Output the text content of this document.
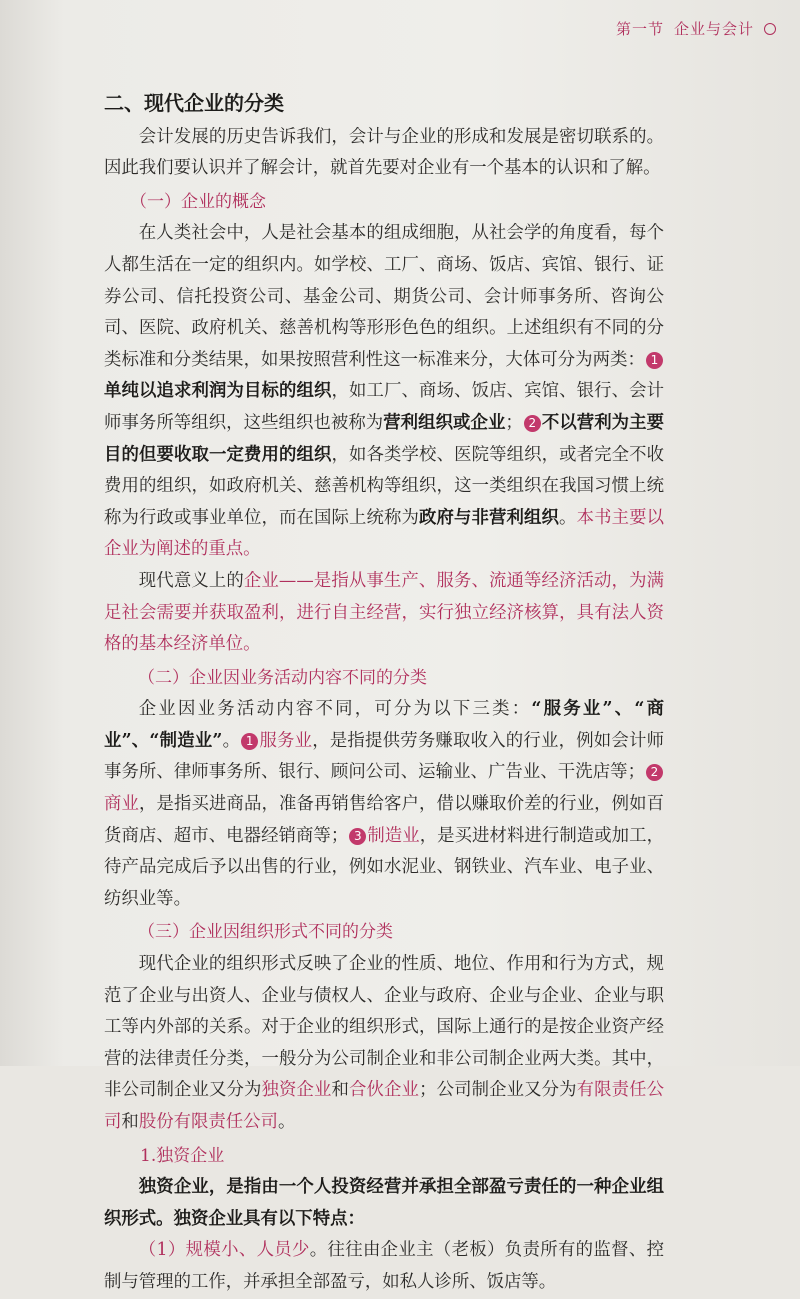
第一节 企业与会计
二、现代企业的分类

会计发展的历史告诉我们，会计与企业的形成和发展是密切联系的。因此我们要认识并了解会计，就首先要对企业有一个基本的认识和了解。

（一）企业的概念

在人类社会中，人是社会基本的组成细胞，从社会学的角度看，每个人都生活在一定的组织内。如学校、工厂、商场、饭店、宾馆、银行、证券公司、信托投资公司、基金公司、期货公司、会计师事务所、咨询公司、医院、政府机关、慈善机构等形形色色的组织。上述组织有不同的分类标准和分类结果，如果按照营利性这一标准来分，大体可分为两类： 1单纯以追求利润为目标的组织，如工厂、商场、饭店、宾馆、银行、会计师事务所等组织，这些组织也被称为营利组织或企业； 2 不以营利为主要目的但要收取一定费用的组织，如各类学校、医院等组织，或者完全不收费用的组织，如政府机关、慈善机构等组织，这一类组织在我国习惯上统称为行政或事业单位，而在国际上统称为政府与非营利组织。本书主要以企业为阐述的重点。

现代意义上的企业——是指从事生产、服务、流通等经济活动，为满足社会需要并获取盈利，进行自主经营，实行独立经济核算，具有法人资格的基本经济单位。

（二）企业因业务活动内容不同的分类

企业因业务活动内容不同，可分为以下三类：“服务业”、“商业”、“制造业”。 1 服务业，是指提供劳务赚取收入的行业，例如会计师事务所、律师事务所、银行、顾问公司、运输业、广告业、干洗店等； 2商业，是指买进商品，准备再销售给客户，借以赚取价差的行业，例如百货商店、超市、电器经销商等； 3 制造业，是买进材料进行制造或加工，待产品完成后予以出售的行业，例如水泥业、钢铁业、汽车业、电子业、纺织业等。

（三）企业因组织形式不同的分类

现代企业的组织形式反映了企业的性质、地位、作用和行为方式，规范了企业与出资人、企业与债权人、企业与政府、企业与企业、企业与职工等内外部的关系。对于企业的组织形式，国际上通行的是按企业资产经营的法律责任分类，一般分为公司制企业和非公司制企业两大类。其中，非公司制企业又分为独资企业和合伙企业；公司制企业又分为有限责任公司和股份有限责任公司。

1.独资企业

独资企业，是指由一个人投资经营并承担全部盈亏责任的一种企业组织形式。独资企业具有以下特点：

（1）规模小、人员少。往往由企业主（老板）负责所有的监督、控制与管理的工作，并承担全部盈亏，如私人诊所、饭店等。
